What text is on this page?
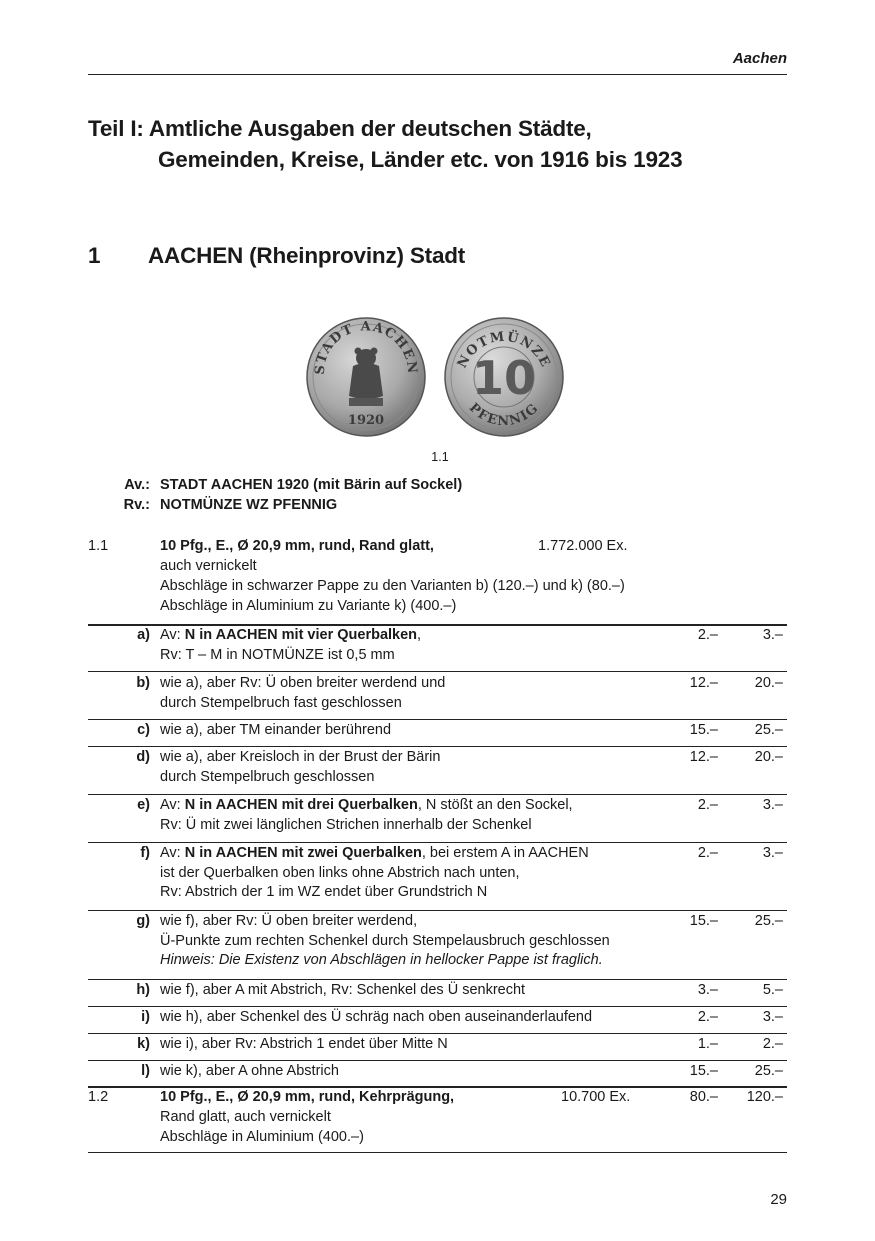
Aachen
Teil I: Amtliche Ausgaben der deutschen Städte,
Gemeinden, Kreise, Länder etc. von 1916 bis 1923
1 AACHEN (Rheinprovinz) Stadt
STADT AACHEN
1920
NOTMÜNZE
10
PFENNIG
1.1
Av.: STADT AACHEN 1920 (mit Bärin auf Sockel)
Rv.: NOTMÜNZE WZ PFENNIG
1.1	10 Pfg., E., Ø 20,9 mm, rund, Rand glatt,	1.772.000 Ex.
auch vernickelt
Abschläge in schwarzer Pappe zu den Varianten b) (120.–) und k) (80.–)
Abschläge in Aluminium zu Variante k) (400.–)
a) Av: N in AACHEN mit vier Querbalken,
Rv: T – M in NOTMÜNZE ist 0,5 mm
2.–	3.–
b) wie a), aber Rv: Ü oben breiter werdend und
durch Stempelbruch fast geschlossen
12.–	20.–
c) wie a), aber TM einander berührend	15.–	25.–
d) wie a), aber Kreisloch in der Brust der Bärin
durch Stempelbruch geschlossen
12.–	20.–
e) Av: N in AACHEN mit drei Querbalken, N stößt an den Sockel,
Rv: Ü mit zwei länglichen Strichen innerhalb der Schenkel
2.–	3.–
f) Av: N in AACHEN mit zwei Querbalken, bei erstem A in AACHEN
ist der Querbalken oben links ohne Abstrich nach unten,
Rv: Abstrich der 1 im WZ endet über Grundstrich N
2.–	3.–
g) wie f), aber Rv: Ü oben breiter werdend,
Ü-Punkte zum rechten Schenkel durch Stempelausbruch geschlossen
Hinweis: Die Existenz von Abschlägen in hellocker Pappe ist fraglich.
15.–	25.–
h) wie f), aber A mit Abstrich, Rv: Schenkel des Ü senkrecht	3.–	5.–
i) wie h), aber Schenkel des Ü schräg nach oben auseinanderlaufend	2.–	3.–
k) wie i), aber Rv: Abstrich 1 endet über Mitte N	1.–	2.–
l) wie k), aber A ohne Abstrich	15.–	25.–
1.2	10 Pfg., E., Ø 20,9 mm, rund, Kehrprägung,	10.700 Ex.	80.–	120.–
Rand glatt, auch vernickelt
Abschläge in Aluminium (400.–)
29
